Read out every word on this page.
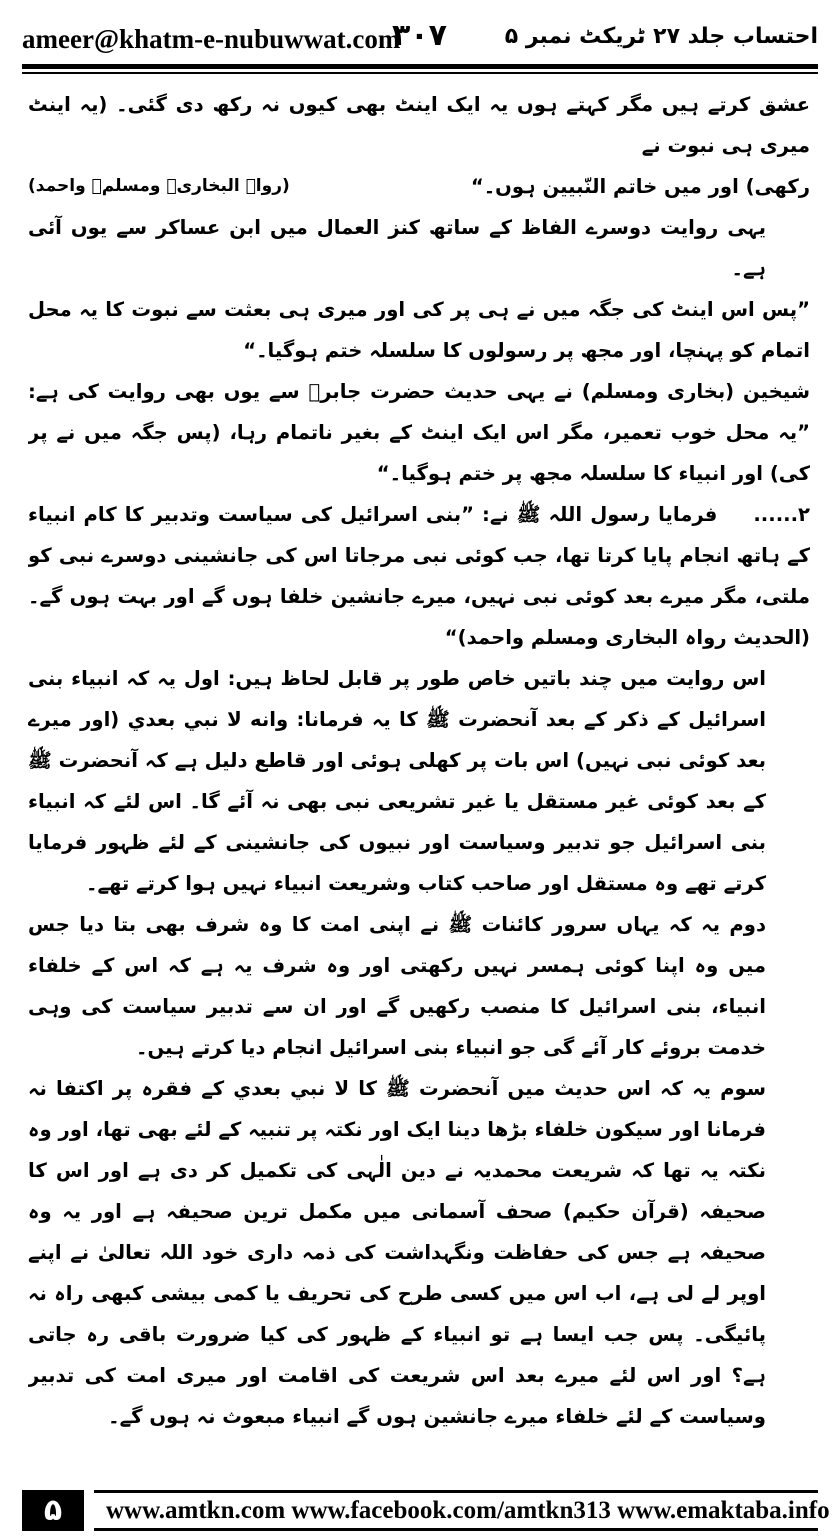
ameer@khatm-e-nubuwwat.com
۳۰۷	احتساب جلد ۲۷ ٹریکٹ نمبر ۵

عشق کرتے ہیں مگر کہتے ہوں یہ ایک اینٹ بھی کیوں نہ رکھ دی گئی۔ (یہ اینٹ میری ہی نبوت نے

رکھی) اور میں خاتم النّبیین ہوں۔“
(رواہ البخاریؒ ومسلمؒ واحمد)

یہی روایت دوسرے الفاظ کے ساتھ کنز العمال میں ابن عساکر سے یوں آئی ہے۔

”پس اس اینٹ کی جگہ میں نے ہی پر کی اور میری ہی بعثت سے نبوت کا یہ محل اتمام کو پہنچا، اور مجھ پر رسولوں کا سلسلہ ختم ہوگیا۔“

شیخین (بخاری ومسلم) نے یہی حدیث حضرت جابرؓ سے یوں بھی روایت کی ہے: ”یہ محل خوب تعمیر، مگر اس ایک اینٹ کے بغیر ناتمام رہا، (پس جگہ میں نے پر کی) اور انبیاء کا سلسلہ مجھ پر ختم ہوگیا۔“

۲......فرمایا رسول اللہ ﷺ نے: ”بنی اسرائیل کی سیاست وتدبیر کا کام انبیاء کے ہاتھ انجام پایا کرتا تھا، جب کوئی نبی مرجاتا اس کی جانشینی دوسرے نبی کو ملتی، مگر میرے بعد کوئی نبی نہیں، میرے جانشین خلفا ہوں گے اور بہت ہوں گے۔ (الحدیث رواہ البخاری ومسلم واحمد)“

اس روایت میں چند باتیں خاص طور پر قابل لحاظ ہیں: اول یہ کہ انبیاء بنی اسرائیل کے ذکر کے بعد آنحضرت ﷺ کا یہ فرمانا: وانه لا نبي بعدي (اور میرے بعد کوئی نبی نہیں) اس بات پر کھلی ہوئی اور قاطع دلیل ہے کہ آنحضرت ﷺ کے بعد کوئی غیر مستقل یا غیر تشریعی نبی بھی نہ آئے گا۔ اس لئے کہ انبیاء بنی اسرائیل جو تدبیر وسیاست اور نبیوں کی جانشینی کے لئے ظہور فرمایا کرتے تھے وہ مستقل اور صاحب کتاب وشریعت انبیاء نہیں ہوا کرتے تھے۔

دوم یہ کہ یہاں سرور کائنات ﷺ نے اپنی امت کا وہ شرف بھی بتا دیا جس میں وہ اپنا کوئی ہمسر نہیں رکھتی اور وہ شرف یہ ہے کہ اس کے خلفاء انبیاء، بنی اسرائیل کا منصب رکھیں گے اور ان سے تدبیر سیاست کی وہی خدمت بروئے کار آئے گی جو انبیاء بنی اسرائیل انجام دیا کرتے ہیں۔

سوم یہ کہ اس حدیث میں آنحضرت ﷺ کا لا نبي بعدي کے فقرہ پر اکتفا نہ فرمانا اور سيكون خلفاء بڑھا دینا ایک اور نکتہ پر تنبیہ کے لئے بھی تھا، اور وہ نکتہ یہ تھا کہ شریعت محمدیہ نے دین الٰہی کی تکمیل کر دی ہے اور اس کا صحیفہ (قرآن حکیم) صحف آسمانی میں مکمل ترین صحیفہ ہے اور یہ وہ صحیفہ ہے جس کی حفاظت ونگہداشت کی ذمہ داری خود اللہ تعالیٰ نے اپنے اوپر لے لی ہے، اب اس میں کسی طرح کی تحریف یا کمی بیشی کبھی راہ نہ پائیگی۔ پس جب ایسا ہے تو انبیاء کے ظہور کی کیا ضرورت باقی رہ جاتی ہے؟ اور اس لئے میرے بعد اس شریعت کی اقامت اور میری امت کی تدبیر وسیاست کے لئے خلفاء میرے جانشین ہوں گے انبیاء مبعوث نہ ہوں گے۔

۵	www.amtkn.com www.facebook.com/amtkn313 www.emaktaba.info
